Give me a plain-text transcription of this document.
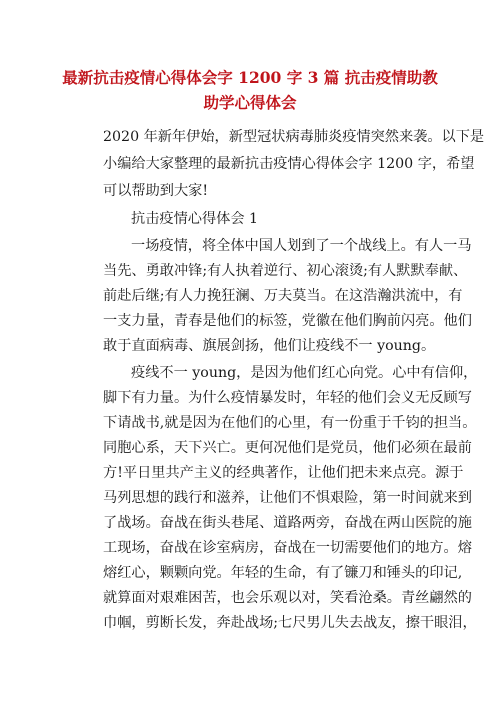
最新抗击疫情心得体会字 1200 字 3 篇 抗击疫情助教
助学心得体会
2020 年新年伊始，新型冠状病毒肺炎疫情突然来袭。以下是
小编给大家整理的最新抗击疫情心得体会字 1200 字，希望
可以帮助到大家!
抗击疫情心得体会 1
一场疫情，将全体中国人划到了一个战线上。有人一马
当先、勇敢冲锋;有人执着逆行、初心滚烫;有人默默奉献、
前赴后继;有人力挽狂澜、万夫莫当。在这浩瀚洪流中，有
一支力量，青春是他们的标签，党徽在他们胸前闪亮。他们
敢于直面病毒、旗展剑扬，他们让疫线不一 young。
疫线不一 young，是因为他们红心向党。心中有信仰，
脚下有力量。为什么疫情暴发时，年轻的他们会义无反顾写
下请战书,就是因为在他们的心里，有一份重于千钧的担当。
同胞心系，天下兴亡。更何况他们是党员，他们必须在最前
方!平日里共产主义的经典著作，让他们把未来点亮。源于
马列思想的践行和滋养，让他们不惧艰险，第一时间就来到
了战场。奋战在街头巷尾、道路两旁，奋战在两山医院的施
工现场，奋战在诊室病房，奋战在一切需要他们的地方。熔
熔红心，颗颗向党。年轻的生命，有了镰刀和锤头的印记,
就算面对艰难困苦，也会乐观以对，笑看沧桑。青丝翩然的
巾帼，剪断长发，奔赴战场;七尺男儿失去战友，擦干眼泪，
